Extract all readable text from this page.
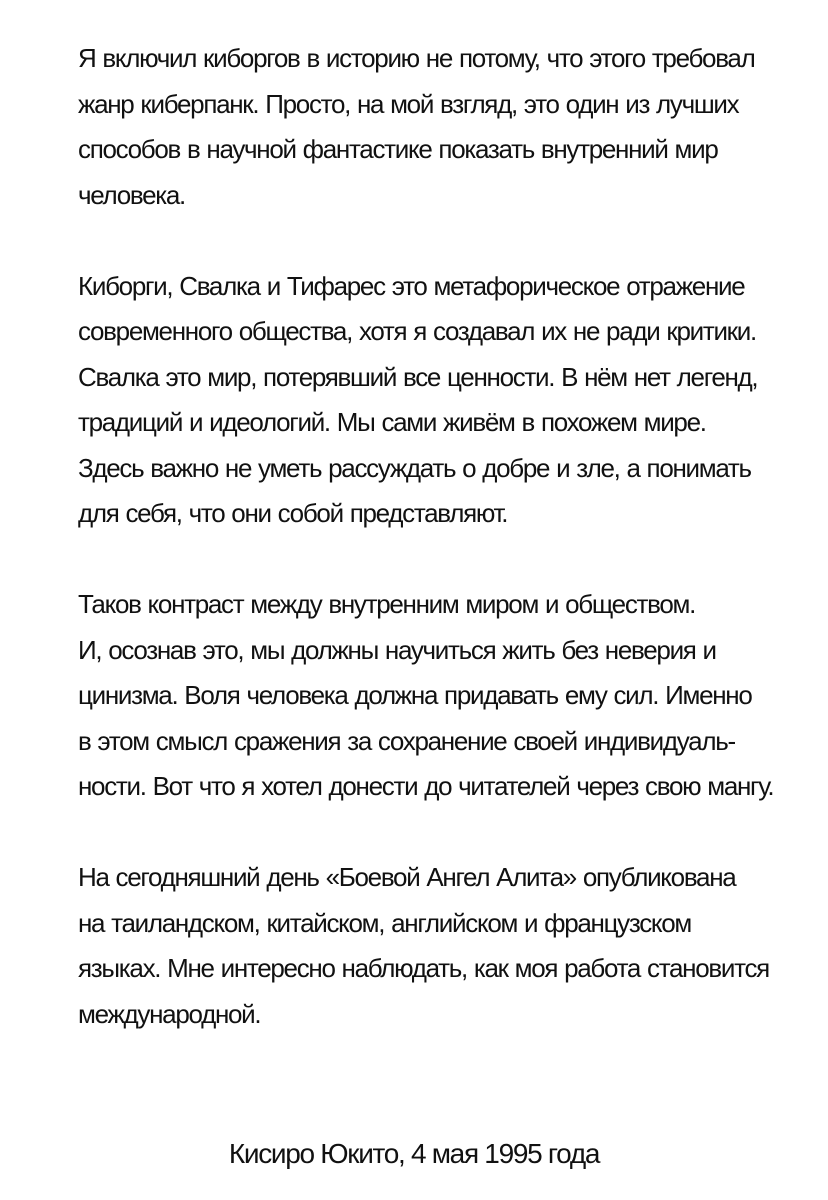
Я включил киборгов в историю не потому, что этого требовал
жанр киберпанк. Просто, на мой взгляд, это один из лучших
способов в научной фантастике показать внутренний мир
человека.
Киборги, Свалка и Тифарес это метафорическое отражение
современного общества, хотя я создавал их не ради критики.
Свалка это мир, потерявший все ценности. В нём нет легенд,
традиций и идеологий. Мы сами живём в похожем мире.
Здесь важно не уметь рассуждать о добре и зле, а понимать
для себя, что они собой представляют.
Таков контраст между внутренним миром и обществом.
И, осознав это, мы должны научиться жить без неверия и
цинизма. Воля человека должна придавать ему сил. Именно
в этом смысл сражения за сохранение своей индивидуаль-
ности. Вот что я хотел донести до читателей через свою мангу.
На сегодняшний день «Боевой Ангел Алита» опубликована
на таиландском, китайском, английском и французском
языках. Мне интересно наблюдать, как моя работа становится
международной.
Кисиро Юкито, 4 мая 1995 года
